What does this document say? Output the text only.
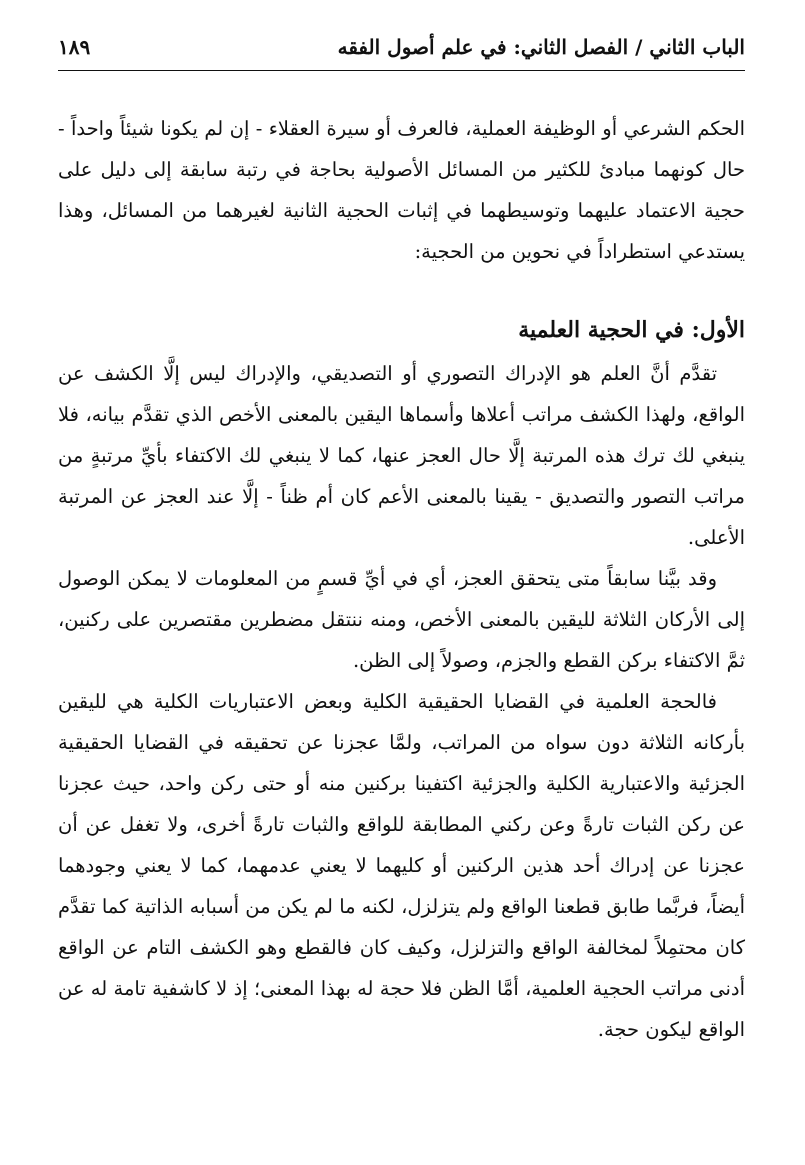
الباب الثاني / الفصل الثاني: في علم أصول الفقه
١٨٩

الحكم الشرعي أو الوظيفة العملية، فالعرف أو سيرة العقلاء - إن لم يكونا شيئاً واحداً - حال كونهما مبادئ للكثير من المسائل الأصولية بحاجة في رتبة سابقة إلى دليل على حجية الاعتماد عليهما وتوسيطهما في إثبات الحجية الثانية لغيرهما من المسائل، وهذا يستدعي استطراداً في نحوين من الحجية:

الأول: في الحجية العلمية

تقدَّم أنَّ العلم هو الإدراك التصوري أو التصديقي، والإدراك ليس إلَّا الكشف عن الواقع، ولهذا الكشف مراتب أعلاها وأسماها اليقين بالمعنى الأخص الذي تقدَّم بيانه، فلا ينبغي لك ترك هذه المرتبة إلَّا حال العجز عنها، كما لا ينبغي لك الاكتفاء بأيِّ مرتبةٍ من مراتب التصور والتصديق - يقينا بالمعنى الأعم كان أم ظناً - إلَّا عند العجز عن المرتبة الأعلى.

وقد بيَّنا سابقاً متى يتحقق العجز، أي في أيِّ قسمٍ من المعلومات لا يمكن الوصول إلى الأركان الثلاثة لليقين بالمعنى الأخص، ومنه ننتقل مضطرين مقتصرين على ركنين، ثمَّ الاكتفاء بركن القطع والجزم، وصولاً إلى الظن.

فالحجة العلمية في القضايا الحقيقية الكلية وبعض الاعتباريات الكلية هي لليقين بأركانه الثلاثة دون سواه من المراتب، ولمَّا عجزنا عن تحقيقه في القضايا الحقيقية الجزئية والاعتبارية الكلية والجزئية اكتفينا بركنين منه أو حتى ركن واحد، حيث عجزنا عن ركن الثبات تارةً وعن ركني المطابقة للواقع والثبات تارةً أخرى، ولا تغفل عن أن عجزنا عن إدراك أحد هذين الركنين أو كليهما لا يعني عدمهما، كما لا يعني وجودهما أيضاً، فربَّما طابق قطعنا الواقع ولم يتزلزل، لكنه ما لم يكن من أسبابه الذاتية كما تقدَّم كان محتمِلاً لمخالفة الواقع والتزلزل، وكيف كان فالقطع وهو الكشف التام عن الواقع أدنى مراتب الحجية العلمية، أمَّا الظن فلا حجة له بهذا المعنى؛ إذ لا كاشفية تامة له عن الواقع ليكون حجة.
